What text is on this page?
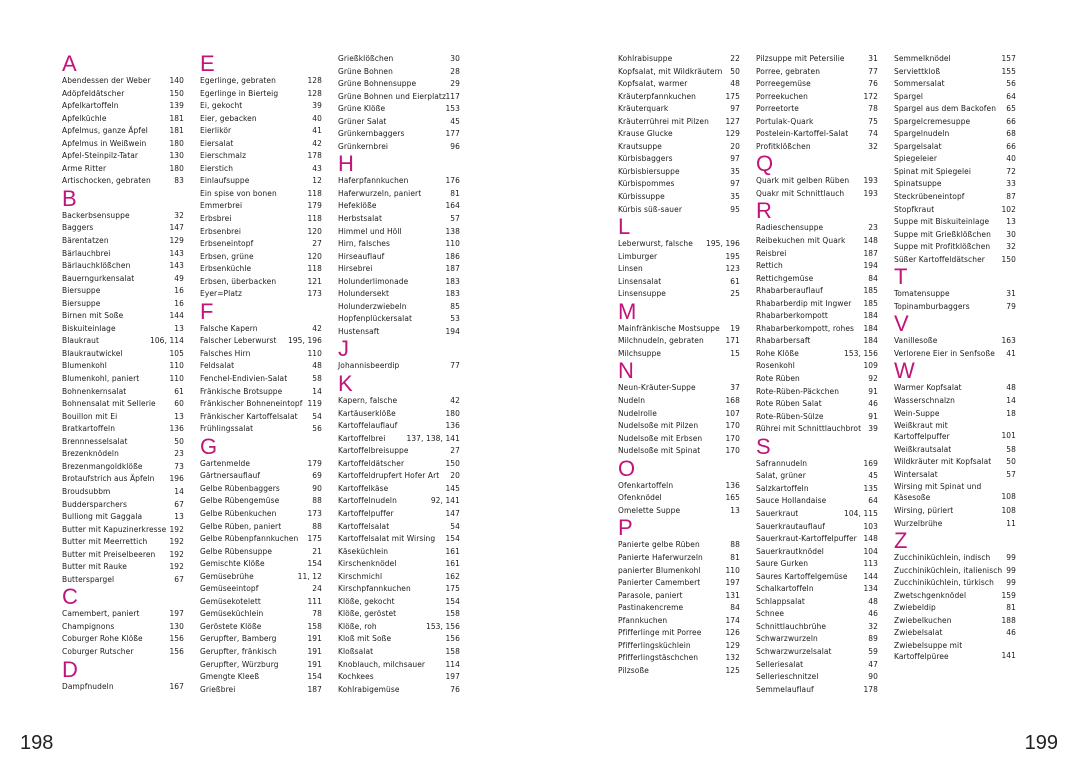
A
Abendessen der Weber	140
Adöpfeldätscher	150
Apfelkartoffeln	139
Apfelküchle	181
Apfelmus, ganze Äpfel	181
Apfelmus in Weißwein	180
Apfel-Steinpilz-Tatar	130
Arme Ritter	180
Artischocken, gebraten	83
B
Backerbsensuppe	32
Baggers	147
Bärentatzen	129
Bärlauchbrei	143
Bärlauchklößchen	143
Bauerngurkensalat	49
Biersuppe	16
Biersuppe	16
Birnen mit Soße	144
Biskuiteinlage	13
Blaukraut	106, 114
Blaukrautwickel	105
Blumenkohl	110
Blumenkohl, paniert	110
Bohnenkernsalat	61
Bohnensalat mit Sellerie	60
Bouillon mit Ei	13
Bratkartoffeln	136
Brennnesselsalat	50
Brezenknödeln	23
Brezenmangoldklöße	73
Brotaufstrich aus Äpfeln	196
Broudsubbm	14
Buddersparchers	67
Bulliong mit Gaggala	13
Butter mit Kapuzinerkresse 192
Butter mit Meerrettich	192
Butter mit Preiselbeeren	192
Butter mit Rauke	192
Butterspargel	67
C
Camembert, paniert	197
Champignons	130
Coburger Rohe Klöße	156
Coburger Rutscher	156
D
Dampfnudeln	167
E
Egerlinge, gebraten	128
Egerlinge in Bierteig	128
Ei, gekocht	39
Eier, gebacken	40
Eierlikör	41
Eiersalat	42
Eierschmalz	178
Eierstich	43
Einlaufsuppe	12
Ein spise von bonen	118
Emmerbrei	179
Erbsbrei	118
Erbsenbrei	120
Erbseneintopf	27
Erbsen, grüne	120
Erbsenküchle	118
Erbsen, überbacken	121
Eyer=Platz	173
F
Falsche Kapern	42
Falscher Leberwurst	195, 196
Falsches Hirn	110
Feldsalat	48
Fenchel-Endivien-Salat	58
Fränkische Brotsuppe	14
Fränkischer Bohneneintopf 119
Fränkischer Kartoffelsalat	54
Frühlingssalat	56
G
Gartenmelde	179
Gärtnersauflauf	69
Gelbe Rübenbaggers	90
Gelbe Rübengemüse	88
Gelbe Rübenkuchen	173
Gelbe Rüben, paniert	88
Gelbe Rübenpfannkuchen	175
Gelbe Rübensuppe	21
Gemischte Klöße	154
Gemüsebrühe	11, 12
Gemüseeintopf	24
Gemüsekotelett	111
Gemüseküchlein	78
Geröstete Klöße	158
Gerupfter, Bamberg	191
Gerupfter, fränkisch	191
Gerupfter, Würzburg	191
Gmengte Kleeß	154
Grießbrei	187
Grießklößchen	30
Grüne Bohnen	28
Grüne Bohnensuppe	29
Grüne Bohnen und Eierplatz 117
Grüne Klöße	153
Grüner Salat	45
Grünkernbaggers	177
Grünkernbrei	96
H
Haferpfannkuchen	176
Haferwurzeln, paniert	81
Hefeklöße	164
Herbstsalat	57
Himmel und Höll	138
Hirn, falsches	110
Hirseauflauf	186
Hirsebrei	187
Holunderlimonade	183
Holundersekt	183
Holunderzwiebeln	85
Hopfenplückersalat	53
Hustensaft	194
J
Johannisbeerdip	77
K
Kapern, falsche	42
Kartäuserklöße	180
Kartoffelauflauf	136
Kartoffelbrei	137, 138, 141
Kartoffelbreisuppe	27
Kartoffeldätscher	150
Kartoffeldrupfert Hofer Art	20
Kartoffelkäse	145
Kartoffelnudeln	92, 141
Kartoffelpuffer	147
Kartoffelsalat	54
Kartoffelsalat mit Wirsing	154
Käseküchlein	161
Kirschenknödel	161
Kirschmichl	162
Kirschpfannkuchen	175
Klöße, gekocht	154
Klöße, geröstet	158
Klöße, roh	153, 156
Kloß mit Soße	156
Kloßsalat	158
Knoblauch, milchsauer	114
Kochkees	197
Kohlrabigemüse	76
Kohlrabisuppe	22
Kopfsalat, mit Wildkräutern 50
Kopfsalat, warmer	48
Kräuterpfannkuchen	175
Kräuterquark	97
Kräuterrührei mit Pilzen	127
Krause Glucke	129
Krautsuppe	20
Kürbisbaggers	97
Kürbisbiersuppe	35
Kürbispommes	97
Kürbissuppe	35
Kürbis süß-sauer	95
L
Leberwurst, falsche	195, 196
Limburger	195
Linsen	123
Linsensalat	61
Linsensuppe	25
M
Mainfränkische Mostsuppe	19
Milchnudeln, gebraten	171
Milchsuppe	15
N
Neun-Kräuter-Suppe	37
Nudeln	168
Nudelrolle	107
Nudelsoße mit Pilzen	170
Nudelsoße mit Erbsen	170
Nudelsoße mit Spinat	170
O
Ofenkartoffeln	136
Ofenknödel	165
Omelette Suppe	13
P
Panierte gelbe Rüben	88
Panierte Haferwurzeln	81
panierter Blumenkohl	110
Panierter Camembert	197
Parasole, paniert	131
Pastinakencreme	84
Pfannkuchen	174
Pfifferlinge mit Porree	126
Pfifferlingsküchlein	129
Pfifferlingstäschchen	132
Pilzsoße	125
Pilzsuppe mit Petersilie	31
Porree, gebraten	77
Porreegemüse	76
Porreekuchen	172
Porreetorte	78
Portulak-Quark	75
Postelein-Kartoffel-Salat	74
Profitklößchen	32
Q
Quark mit gelben Rüben	193
Quakr mit Schnittlauch	193
R
Radieschensuppe	23
Reibekuchen mit Quark	148
Reisbrei	187
Rettich	194
Rettichgemüse	84
Rhabarberauflauf	185
Rhabarberdip mit Ingwer	185
Rhabarberkompott	184
Rhabarberkompott, rohes	184
Rhabarbersaft	184
Rohe Klöße	153, 156
Rosenkohl	109
Rote Rüben	92
Rote-Rüben-Päckchen	91
Rote Rüben Salat	46
Rote-Rüben-Sülze	91
Rührei mit Schnittlauchbrot 39
S
Safrannudeln	169
Salat, grüner	45
Salzkartoffeln	135
Sauce Hollandaise	64
Sauerkraut	104, 115
Sauerkrautauflauf	103
Sauerkraut-Kartoffelpuffer 148
Sauerkrautknödel	104
Saure Gurken	113
Saures Kartoffelgemüse	144
Schalkartoffeln	134
Schlappsalat	48
Schnee	46
Schnittlauchbrühe	32
Schwarzwurzeln	89
Schwarzwurzelsalat	59
Selleriesalat	47
Sellerieschnitzel	90
Semmelauflauf	178
Semmelknödel	157
Serviettkloß	155
Sommersalat	56
Spargel	64
Spargel aus dem Backofen	65
Spargelcremesuppe	66
Spargelnudeln	68
Spargelsalat	66
Spiegeleier	40
Spinat mit Spiegelei	72
Spinatsuppe	33
Steckrübeneintopf	87
Stopfkraut	102
Suppe mit Biskuiteinlage	13
Suppe mit Grießklößchen	30
Suppe mit Profitklößchen	32
Süßer Kartoffeldätscher	150
T
Tomatensuppe	31
Topinamburbaggers	79
V
Vanillesoße	163
Verlorene Eier in Senfsoße	41
W
Warmer Kopfsalat	48
Wasserschnalzn	14
Wein-Suppe	18
Weißkraut mit Kartoffelpuffer	101
Weißkrautsalat	58
Wildkräuter mit Kopfsalat	50
Wintersalat	57
Wirsing mit Spinat und Käsesoße	108
Wirsing, püriert	108
Wurzelbrühe	11
Z
Zucchiniküchlein, indisch	99
Zucchiniküchlein, italienisch 99
Zucchiniküchlein, türkisch	99
Zwetschgenknödel	159
Zwiebeldip	81
Zwiebelkuchen	188
Zwiebelsalat	46
Zwiebelsuppe mit Kartoffelpüree	141
198	199
